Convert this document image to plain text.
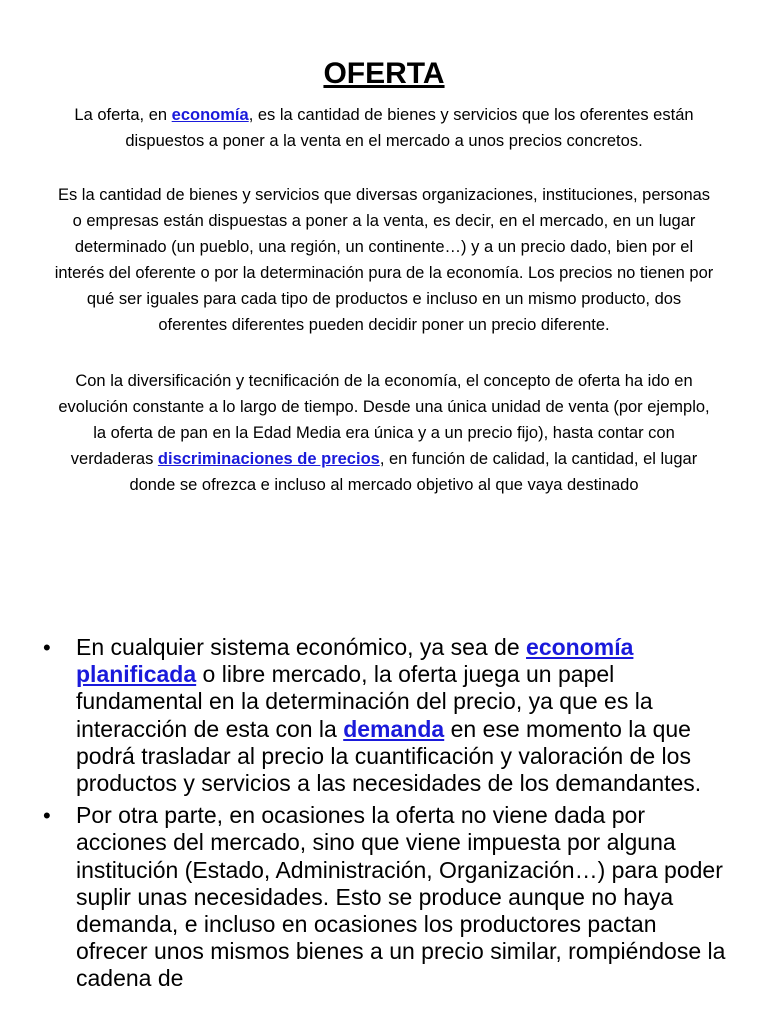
OFERTA

La oferta, en economía, es la cantidad de bienes y servicios que los oferentes están dispuestos a poner a la venta en el mercado a unos precios concretos.

Es la cantidad de bienes y servicios que diversas organizaciones, instituciones, personas o empresas están dispuestas a poner a la venta, es decir, en el mercado, en un lugar determinado (un pueblo, una región, un continente…) y a un precio dado, bien por el interés del oferente o por la determinación pura de la economía. Los precios no tienen por qué ser iguales para cada tipo de productos e incluso en un mismo producto, dos oferentes diferentes pueden decidir poner un precio diferente.

Con la diversificación y tecnificación de la economía, el concepto de oferta ha ido en evolución constante a lo largo de tiempo. Desde una única unidad de venta (por ejemplo, la oferta de pan en la Edad Media era única y a un precio fijo), hasta contar con verdaderas discriminaciones de precios, en función de calidad, la cantidad, el lugar donde se ofrezca e incluso al mercado objetivo al que vaya destinado

• En cualquier sistema económico, ya sea de economía planificada o libre mercado, la oferta juega un papel fundamental en la determinación del precio, ya que es la interacción de esta con la demanda en ese momento la que podrá trasladar al precio la cuantificación y valoración de los productos y servicios a las necesidades de los demandantes.
• Por otra parte, en ocasiones la oferta no viene dada por acciones del mercado, sino que viene impuesta por alguna institución (Estado, Administración, Organización…) para poder suplir unas necesidades. Esto se produce aunque no haya demanda, e incluso en ocasiones los productores pactan ofrecer unos mismos bienes a un precio similar, rompiéndose la cadena de
